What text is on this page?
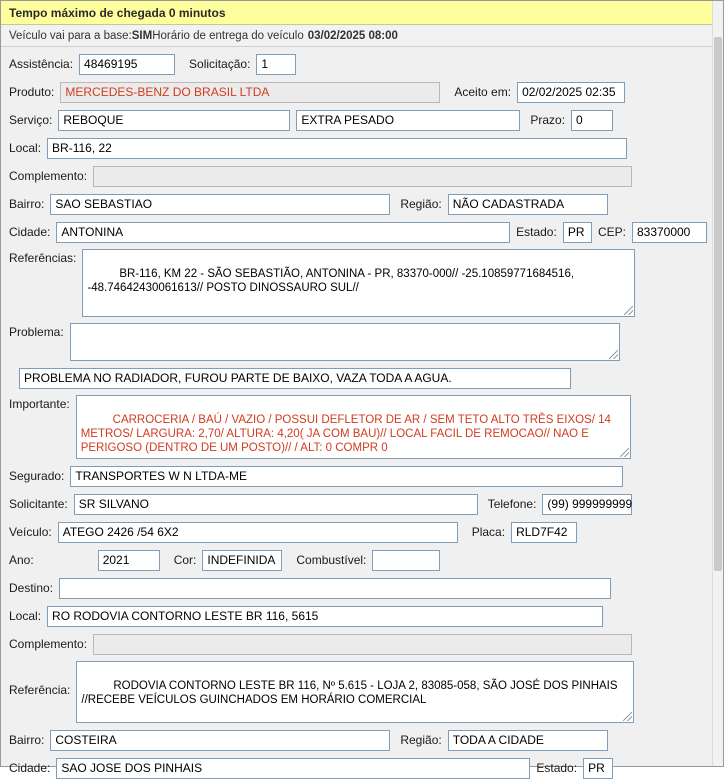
Tempo máximo de chegada 0 minutos
Veículo vai para a base: SIM Horário de entrega do veículo 03/02/2025 08:00
Assistência: 48469195	Solicitação: 1
Produto: MERCEDES-BENZ DO BRASIL LTDA	Aceito em: 02/02/2025 02:35
Serviço: REBOQUE	EXTRA PESADO	Prazo: 0
Local: BR-116, 22
Complemento:
Bairro: SAO SEBASTIAO	Região: NÃO CADASTRADA
Cidade: ANTONINA	Estado: PR	CEP: 83370000
Referências:

BR-116, KM 22 - SÃO SEBASTIÃO, ANTONINA - PR, 83370-000// -25.10859771684516, -48.74642430061613// POSTO DINOSSAURO SUL//

Problema:

PROBLEMA NO RADIADOR, FUROU PARTE DE BAIXO, VAZA TODA A AGUA.
Importante:

CARROCERIA / BAÚ / VAZIO / POSSUI DEFLETOR DE AR / SEM TETO ALTO TRÊS EIXOS/ 14 METROS/ LARGURA: 2,70/ ALTURA: 4,20( JA COM BAU)// LOCAL FACIL DE REMOCAO// NAO E PERIGOSO (DENTRO DE UM POSTO)// / ALT: 0 COMPR 0

Segurado: TRANSPORTES W N LTDA-ME
Solicitante: SR SILVANO	Telefone: (99) 999999999
Veículo: ATEGO 2426 /54 6X2	Placa: RLD7F42
Ano:	2021	Cor: INDEFINIDA	Combustível:
Destino:
Local: RO RODOVIA CONTORNO LESTE BR 116, 5615
Complemento:
Referência:	RODOVIA CONTORNO LESTE BR 116, Nº 5.615 - LOJA 2, 83085-058, SÃO JOSÉ DOS PINHAIS  //RECEBE VEÍCULOS GUINCHADOS EM HORÁRIO COMERCIAL

Bairro: COSTEIRA	Região: TODA A CIDADE
Cidade: SAO JOSE DOS PINHAIS	Estado: PR
